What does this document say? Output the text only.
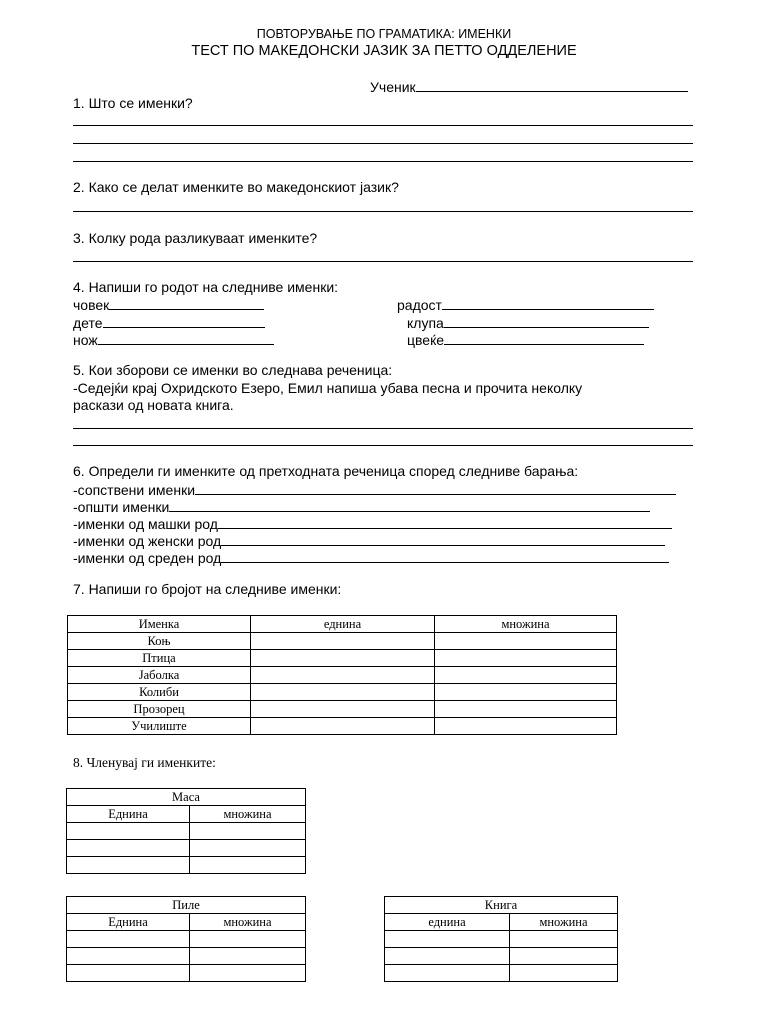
ПОВТОРУВАЊЕ ПО ГРАМАТИКА: ИМЕНКИ
ТЕСТ ПО МАКЕДОНСКИ ЈАЗИК ЗА ПЕТТО ОДДЕЛЕНИЕ
Ученик
1. Што се именки?
2. Како се делат именките во македонскиот јазик?
3. Колку рода разликуваат именките?
4. Напиши го родот на следниве именки:
човек
дете
нож
радост
клупа
цвеќе
5. Кои зборови се именки во следнава реченица:
-Седејќи крај Охридското Езеро, Емил напиша убава песна и прочита неколку
раскази од новата книга.
6. Определи ги именките од претходната реченица според следниве барања:
-сопствени именки
-општи именки
-именки од машки род
-именки од женски род
-именки од среден род
7. Напиши го бројот на следниве именки:
Именка	еднина	множина
Коњ		
Птица		
Јаболка		
Колиби		
Прозорец		
Училиште		
8. Членувај ги именките:
Маса	
Еднина	множина

Пиле	
Еднина	множина

Книга	
еднина	множина
